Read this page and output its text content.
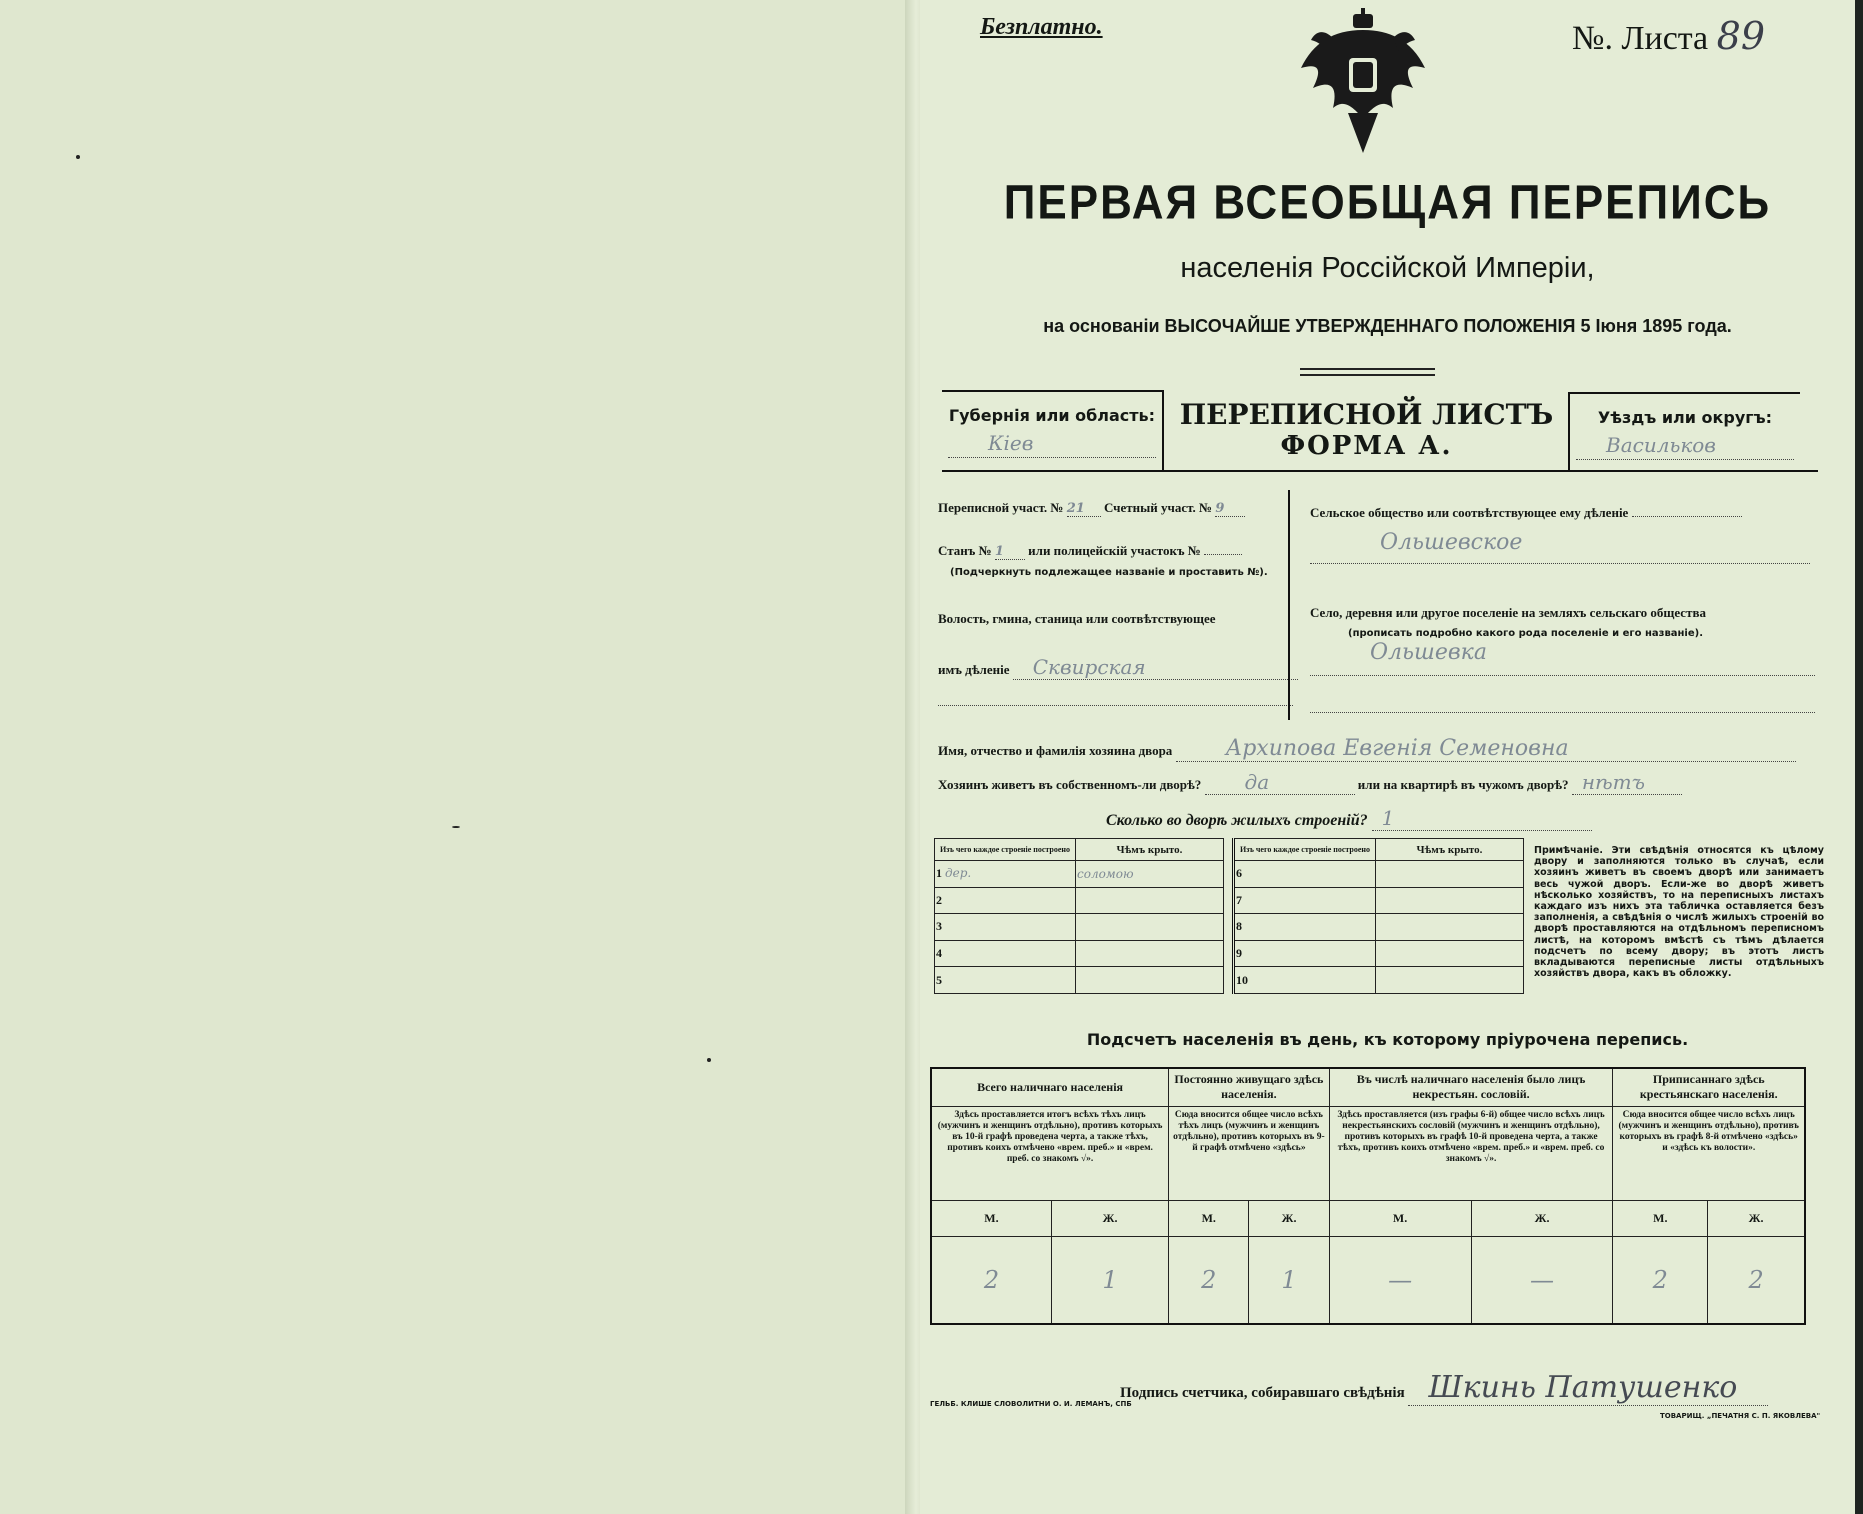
Безплатно.	№. Листа 89
ПЕРВАЯ ВСЕОБЩАЯ ПЕРЕПИСЬ
населенія Россійской Имперіи,
на основаніи ВЫСОЧАЙШЕ УТВЕРЖДЕННАГО ПОЛОЖЕНІЯ 5 Іюня 1895 года.
Губернія или область:
Кіев
ПЕРЕПИСНОЙ ЛИСТЪ
ФОРМА А.
Уѣздъ или округъ:
Васильков
Переписной участ. № 21 Счетный участ. № 9
Станъ № 1 или полицейскій участокъ №
(Подчеркнуть подлежащее названіе и проставить №).
Волость, гмина, станица или соотвѣтствующее
имъ дѣленіе Сквирская
Сельское общество или соотвѣтствующее ему дѣленіе
Ольшевское
Село, деревня или другое поселеніе на земляхъ сельскаго общества
(прописать подробно какого рода поселеніе и его названіе).
Ольшевка
Имя, отчество и фамилія хозяина двора Архипова Евгенія Семеновна
Хозяинъ живетъ въ собственномъ-ли дворѣ? да	или на квартирѣ въ чужомъ дворѣ? нѣтъ
Сколько во дворѣ жилыхъ строеній? 1
Изъ чего каждое строеніе построено	Чѣмъ крыто.
1 дер.	соломою
2	
3	
4	
5	
Изъ чего каждое строеніе построено	Чѣмъ крыто.
6	
7	
8	
9	
10	
Примѣчаніе. Эти свѣдѣнія относятся къ цѣлому двору и заполняются только въ случаѣ, если хозяинъ живетъ въ своемъ дворѣ или занимаетъ весь чужой дворъ. Если-же во дворѣ живетъ нѣсколько хозяйствъ, то на переписныхъ листахъ каждаго изъ нихъ эта табличка оставляется безъ заполненія, а свѣдѣнія о числѣ жилыхъ строеній во дворѣ проставляются на отдѣльномъ переписномъ листѣ, на которомъ вмѣстѣ съ тѣмъ дѣлается подсчетъ по всему двору; въ этотъ листъ вкладываются переписные листы отдѣльныхъ хозяйствъ двора, какъ въ обложку.
Подсчетъ населенія въ день, къ которому пріурочена перепись.
Всего наличнаго населенія		Постоянно живущаго здѣсь населенія.		Въ числѣ наличнаго населенія было лицъ некрестьян. сословій.		Приписаннаго здѣсь крестьянскаго населенія.	
Здѣсь проставляется итогъ всѣхъ тѣхъ лицъ (мужчинъ и женщинъ отдѣльно), противъ которыхъ въ 10-й графѣ проведена черта, а также тѣхъ, противъ коихъ отмѣчено «врем. преб.» и «врем. преб. со знакомъ √».		Сюда вносится общее число всѣхъ тѣхъ лицъ (мужчинъ и женщинъ отдѣльно), противъ которыхъ въ 9-й графѣ отмѣчено «здѣсь»		Здѣсь проставляется (изъ графы 6-й) общее число всѣхъ лицъ некрестьянскихъ сословій (мужчинъ и женщинъ отдѣльно), противъ которыхъ въ графѣ 10-й проведена черта, а также тѣхъ, противъ коихъ отмѣчено «врем. преб.» и «врем. преб. со знакомъ √».		Сюда вносится общее число всѣхъ лицъ (мужчинъ и женщинъ отдѣльно), противъ которыхъ въ графѣ 8-й отмѣчено «здѣсь» и «здѣсь къ волости».	
М.	Ж.	М.	Ж.	М.	Ж.	М.	Ж.
2	1	2	1	—	—	2	2
Подпись счетчика, собиравшаго свѣдѣнія Шкинь Патушенко
ГЕЛЬБ. КЛИШЕ СЛОВОЛИТНИ О. И. ЛЕМАНЪ, СПБ
ТОВАРИЩ. „ПЕЧАТНЯ С. П. ЯКОВЛЕВА"
